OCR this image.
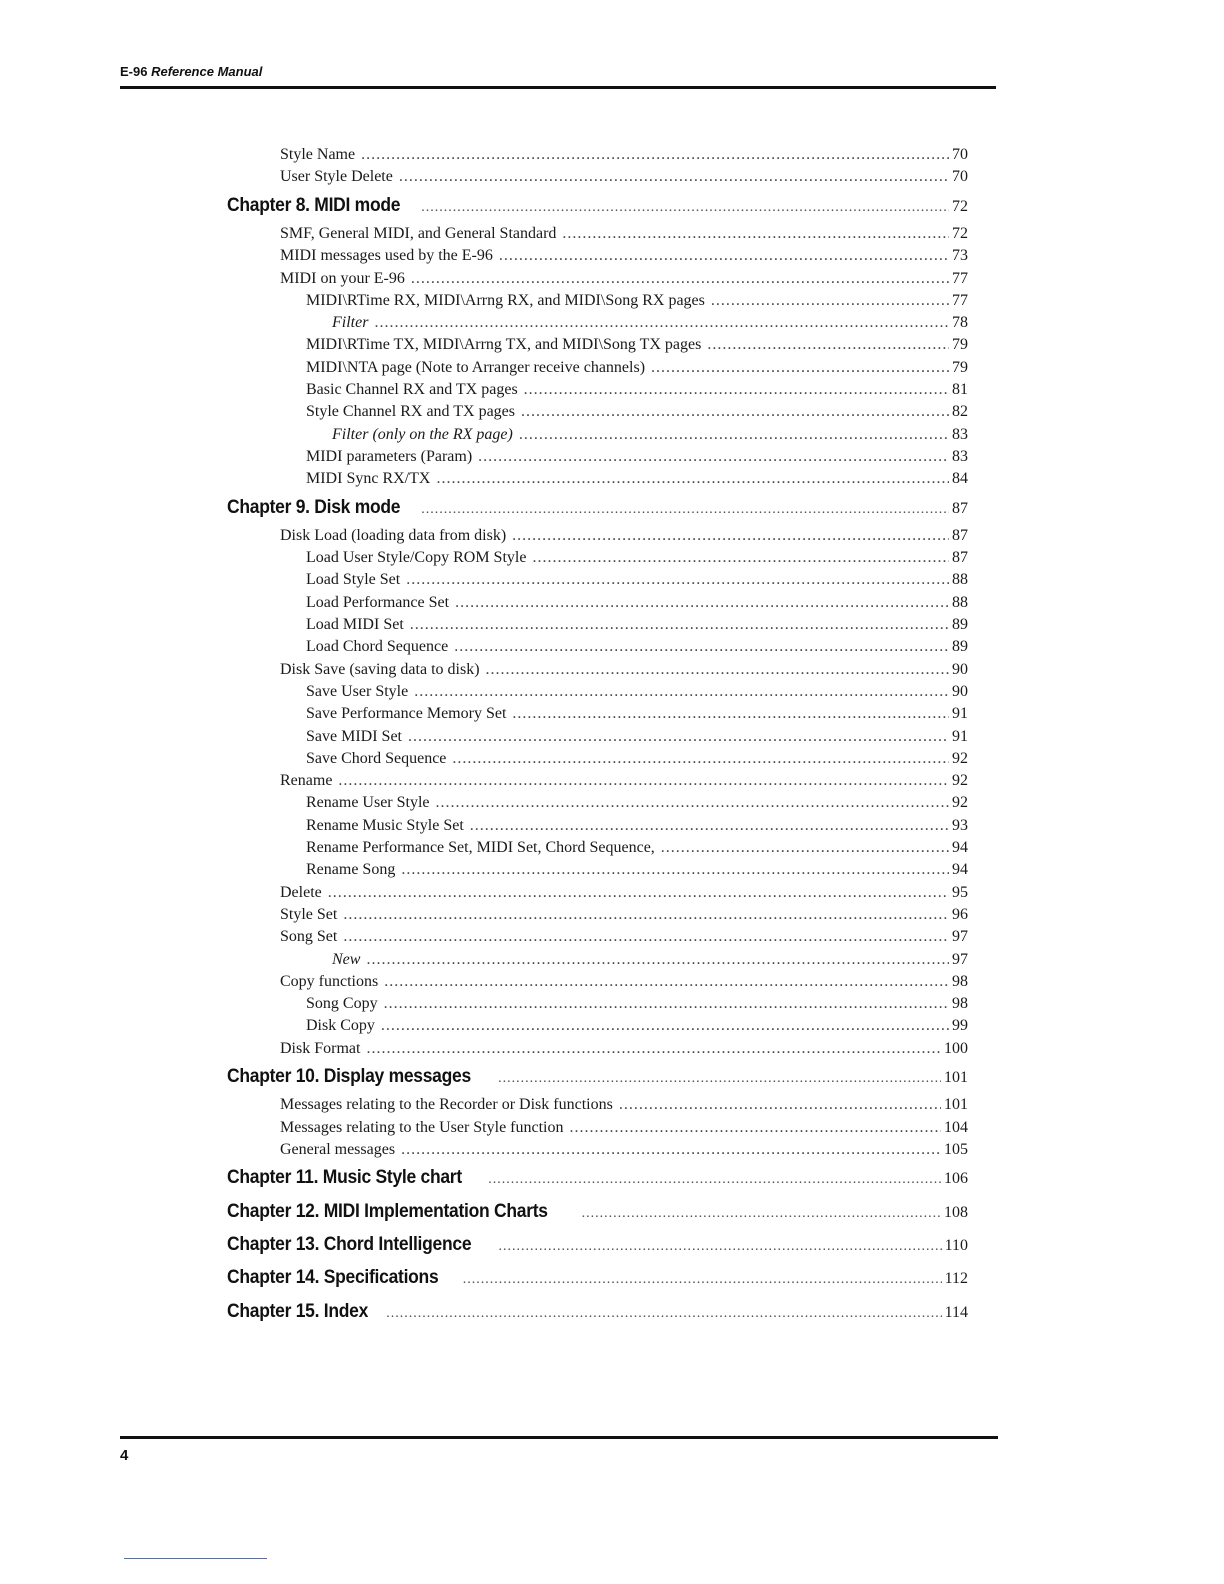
E-96 Reference Manual
Style Name .....	70
User Style Delete .....	70
Chapter 8. MIDI mode .....	72
SMF, General MIDI, and General Standard .....	72
MIDI messages used by the E-96 .....	73
MIDI on your E-96 .....	77
MIDI\RTime RX, MIDI\Arrng RX, and MIDI\Song RX pages .....	77
Filter .....	78
MIDI\RTime TX, MIDI\Arrng TX, and MIDI\Song TX pages .....	79
MIDI\NTA page (Note to Arranger receive channels) .....	79
Basic Channel RX and TX pages .....	81
Style Channel RX and TX pages .....	82
Filter (only on the RX page) .....	83
MIDI parameters (Param) .....	83
MIDI Sync RX/TX .....	84
Chapter 9. Disk mode .....	87
Disk Load (loading data from disk) .....	87
Load User Style/Copy ROM Style .....	87
Load Style Set .....	88
Load Performance Set .....	88
Load MIDI Set .....	89
Load Chord Sequence .....	89
Disk Save (saving data to disk) .....	90
Save User Style .....	90
Save Performance Memory Set .....	91
Save MIDI Set .....	91
Save Chord Sequence .....	92
Rename .....	92
Rename User Style .....	92
Rename Music Style Set .....	93
Rename Performance Set, MIDI Set, Chord Sequence, .....	94
Rename Song .....	94
Delete .....	95
Style Set .....	96
Song Set .....	97
New .....	97
Copy functions .....	98
Song Copy .....	98
Disk Copy .....	99
Disk Format .....	100
Chapter 10. Display messages .....	101
Messages relating to the Recorder or Disk functions .....	101
Messages relating to the User Style function .....	104
General messages .....	105
Chapter 11. Music Style chart .....	106
Chapter 12. MIDI Implementation Charts .....	108
Chapter 13. Chord Intelligence .....	110
Chapter 14. Specifications .....	112
Chapter 15. Index .....	114
4
